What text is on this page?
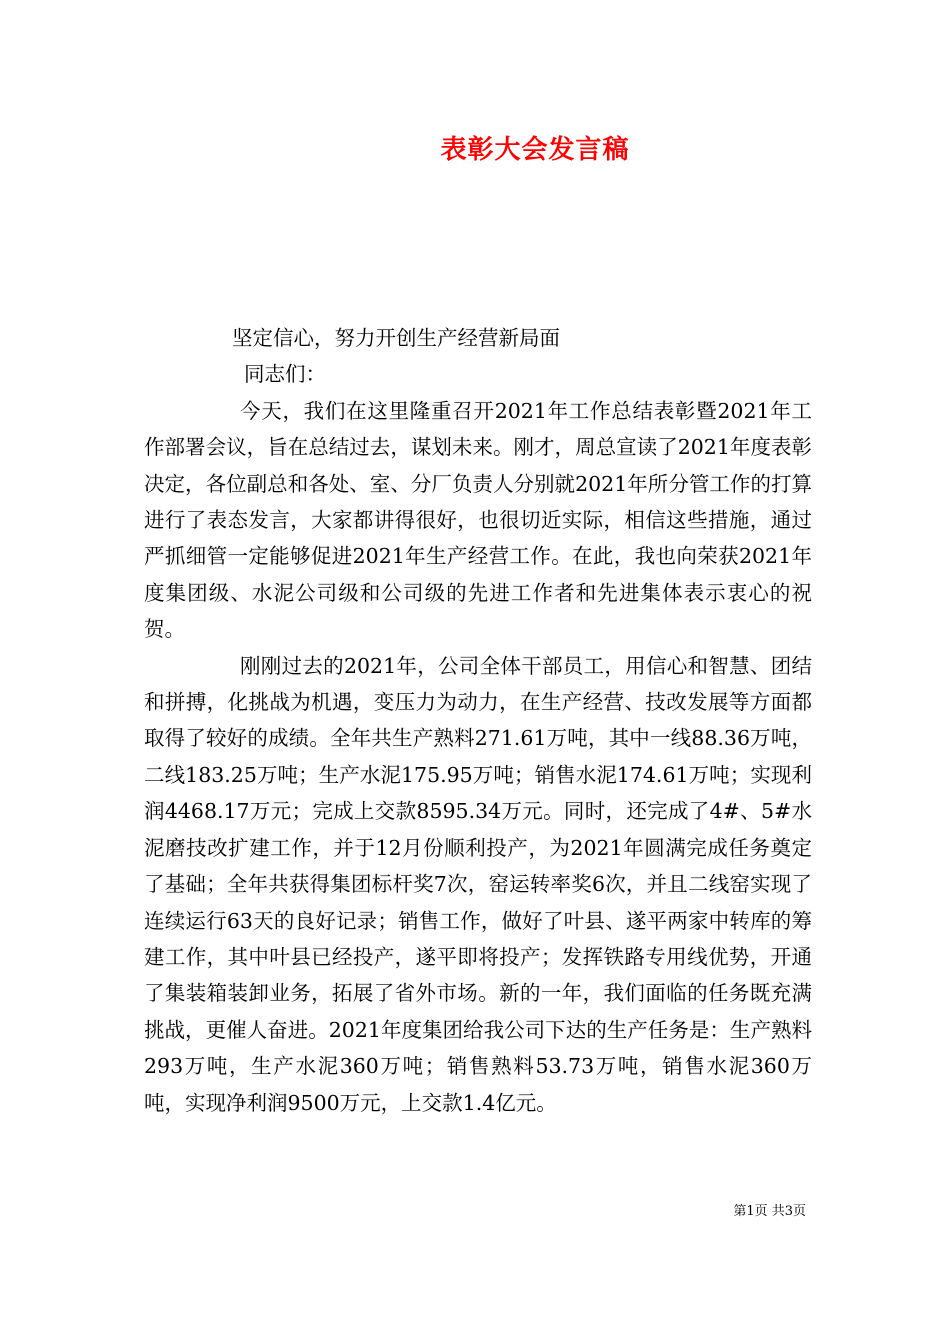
表彰大会发言稿

坚定信心，努力开创生产经营新局面

同志们：

今天，我们在这里隆重召开2021年工作总结表彰暨2021年工作部署会议，旨在总结过去，谋划未来。刚才，周总宣读了2021年度表彰决定，各位副总和各处、室、分厂负责人分别就2021年所分管工作的打算进行了表态发言，大家都讲得很好，也很切近实际，相信这些措施，通过严抓细管一定能够促进2021年生产经营工作。在此，我也向荣获2021年度集团级、水泥公司级和公司级的先进工作者和先进集体表示衷心的祝贺。

刚刚过去的2021年，公司全体干部员工，用信心和智慧、团结和拼搏，化挑战为机遇，变压力为动力，在生产经营、技改发展等方面都取得了较好的成绩。全年共生产熟料271.61万吨，其中一线88.36万吨，二线183.25万吨；生产水泥175.95万吨；销售水泥174.61万吨；实现利润4468.17万元；完成上交款8595.34万元。同时，还完成了4#、5#水泥磨技改扩建工作，并于12月份顺利投产，为2021年圆满完成任务奠定了基础；全年共获得集团标杆奖7次，窑运转率奖6次，并且二线窑实现了连续运行63天的良好记录；销售工作，做好了叶县、遂平两家中转库的筹建工作，其中叶县已经投产，遂平即将投产；发挥铁路专用线优势，开通了集装箱装卸业务，拓展了省外市场。新的一年，我们面临的任务既充满挑战，更催人奋进。2021年度集团给我公司下达的生产任务是：生产熟料293万吨，生产水泥360万吨；销售熟料53.73万吨，销售水泥360万吨，实现净利润9500万元，上交款1.4亿元。

第1页 共3页
